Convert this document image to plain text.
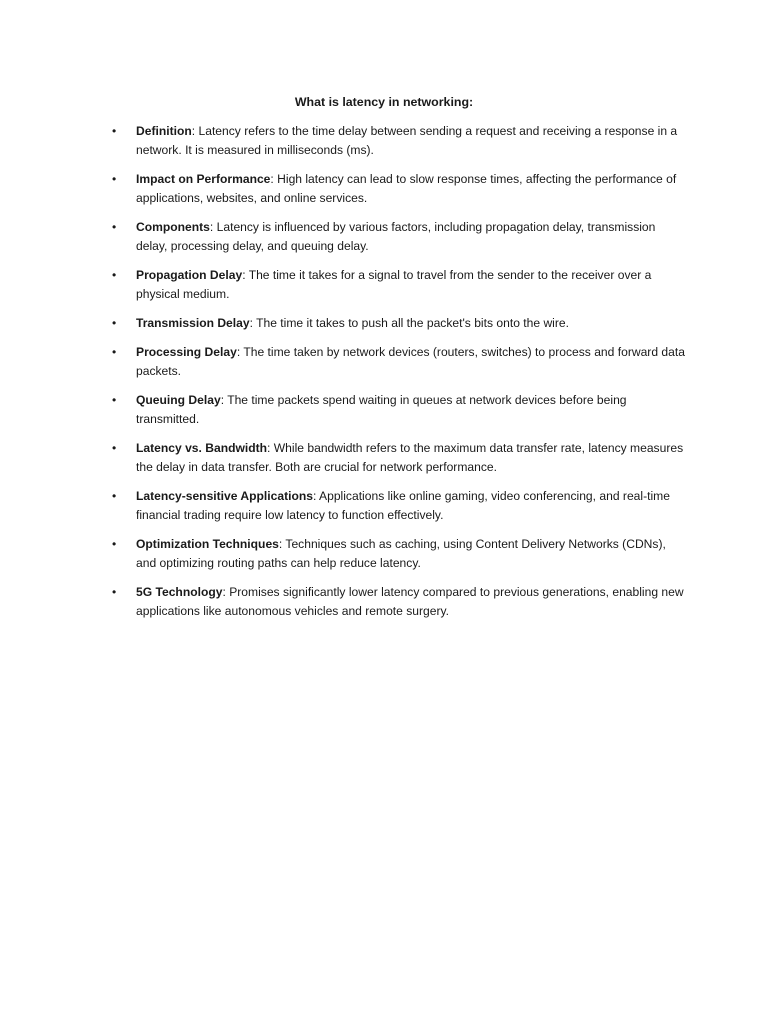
What is latency in networking:
•	Definition: Latency refers to the time delay between sending a request and receiving a response in a network. It is measured in milliseconds (ms).
•	Impact on Performance: High latency can lead to slow response times, affecting the performance of applications, websites, and online services.
•	Components: Latency is influenced by various factors, including propagation delay, transmission delay, processing delay, and queuing delay.
•	Propagation Delay: The time it takes for a signal to travel from the sender to the receiver over a physical medium.
•	Transmission Delay: The time it takes to push all the packet's bits onto the wire.
•	Processing Delay: The time taken by network devices (routers, switches) to process and forward data packets.
•	Queuing Delay: The time packets spend waiting in queues at network devices before being transmitted.
•	Latency vs. Bandwidth: While bandwidth refers to the maximum data transfer rate, latency measures the delay in data transfer. Both are crucial for network performance.
•	Latency-sensitive Applications: Applications like online gaming, video conferencing, and real-time financial trading require low latency to function effectively.
•	Optimization Techniques: Techniques such as caching, using Content Delivery Networks (CDNs), and optimizing routing paths can help reduce latency.
•	5G Technology: Promises significantly lower latency compared to previous generations, enabling new applications like autonomous vehicles and remote surgery.
